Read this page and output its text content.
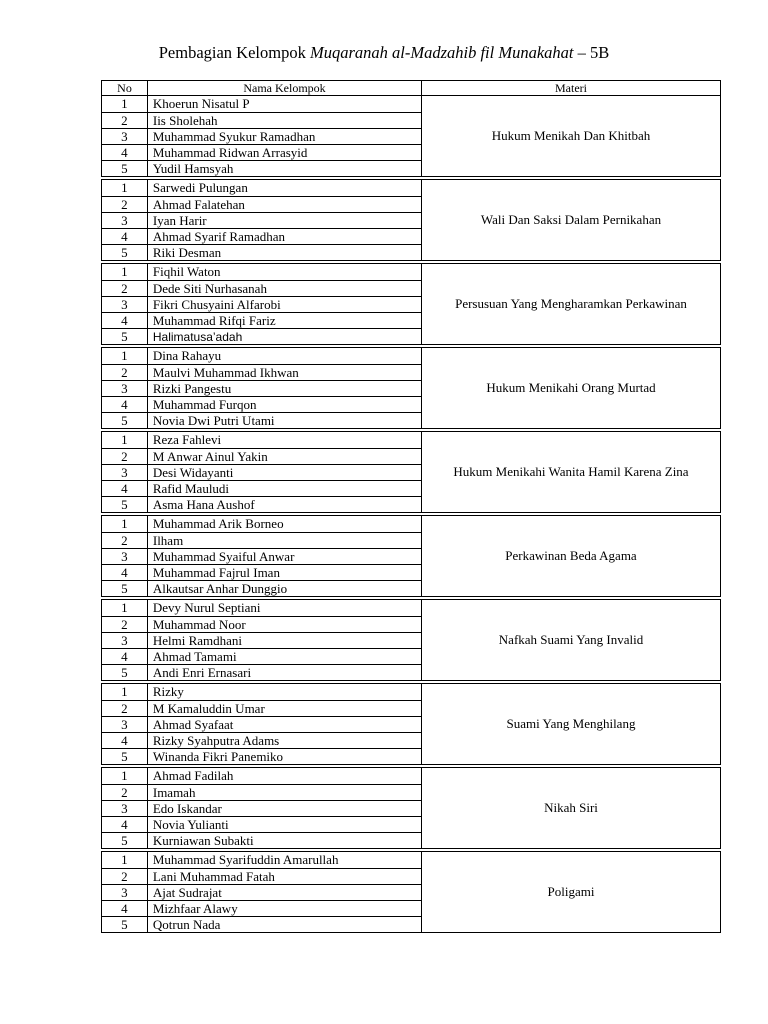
Pembagian Kelompok Muqaranah al-Madzahib fil Munakahat – 5B
No	Nama Kelompok	Materi
1	Khoerun Nisatul P
2	Iis Sholehah
3	Muhammad Syukur Ramadhan
4	Muhammad Ridwan Arrasyid
5	Yudil Hamsyah
Hukum Menikah Dan Khitbah
1	Sarwedi Pulungan
2	Ahmad Falatehan
3	Iyan Harir
4	Ahmad Syarif Ramadhan
5	Riki Desman
Wali Dan Saksi Dalam Pernikahan
1	Fiqhil Waton
2	Dede Siti Nurhasanah
3	Fikri Chusyaini Alfarobi
4	Muhammad Rifqi Fariz
5	Halimatusa’adah
Persusuan Yang Mengharamkan Perkawinan
1	Dina Rahayu
2	Maulvi Muhammad Ikhwan
3	Rizki Pangestu
4	Muhammad Furqon
5	Novia Dwi Putri Utami
Hukum Menikahi Orang Murtad
1	Reza Fahlevi
2	M Anwar Ainul Yakin
3	Desi Widayanti
4	Rafid Mauludi
5	Asma Hana Aushof
Hukum Menikahi Wanita Hamil Karena Zina
1	Muhammad Arik Borneo
2	Ilham
3	Muhammad Syaiful Anwar
4	Muhammad Fajrul Iman
5	Alkautsar Anhar Dunggio
Perkawinan Beda Agama
1	Devy Nurul Septiani
2	Muhammad Noor
3	Helmi Ramdhani
4	Ahmad Tamami
5	Andi Enri Ernasari
Nafkah Suami Yang Invalid
1	Rizky
2	M Kamaluddin Umar
3	Ahmad Syafaat
4	Rizky Syahputra Adams
5	Winanda Fikri Panemiko
Suami Yang Menghilang
1	Ahmad Fadilah
2	Imamah
3	Edo Iskandar
4	Novia Yulianti
5	Kurniawan Subakti
Nikah Siri
1	Muhammad Syarifuddin Amarullah
2	Lani Muhammad Fatah
3	Ajat Sudrajat
4	Mizhfaar Alawy
5	Qotrun Nada
Poligami
